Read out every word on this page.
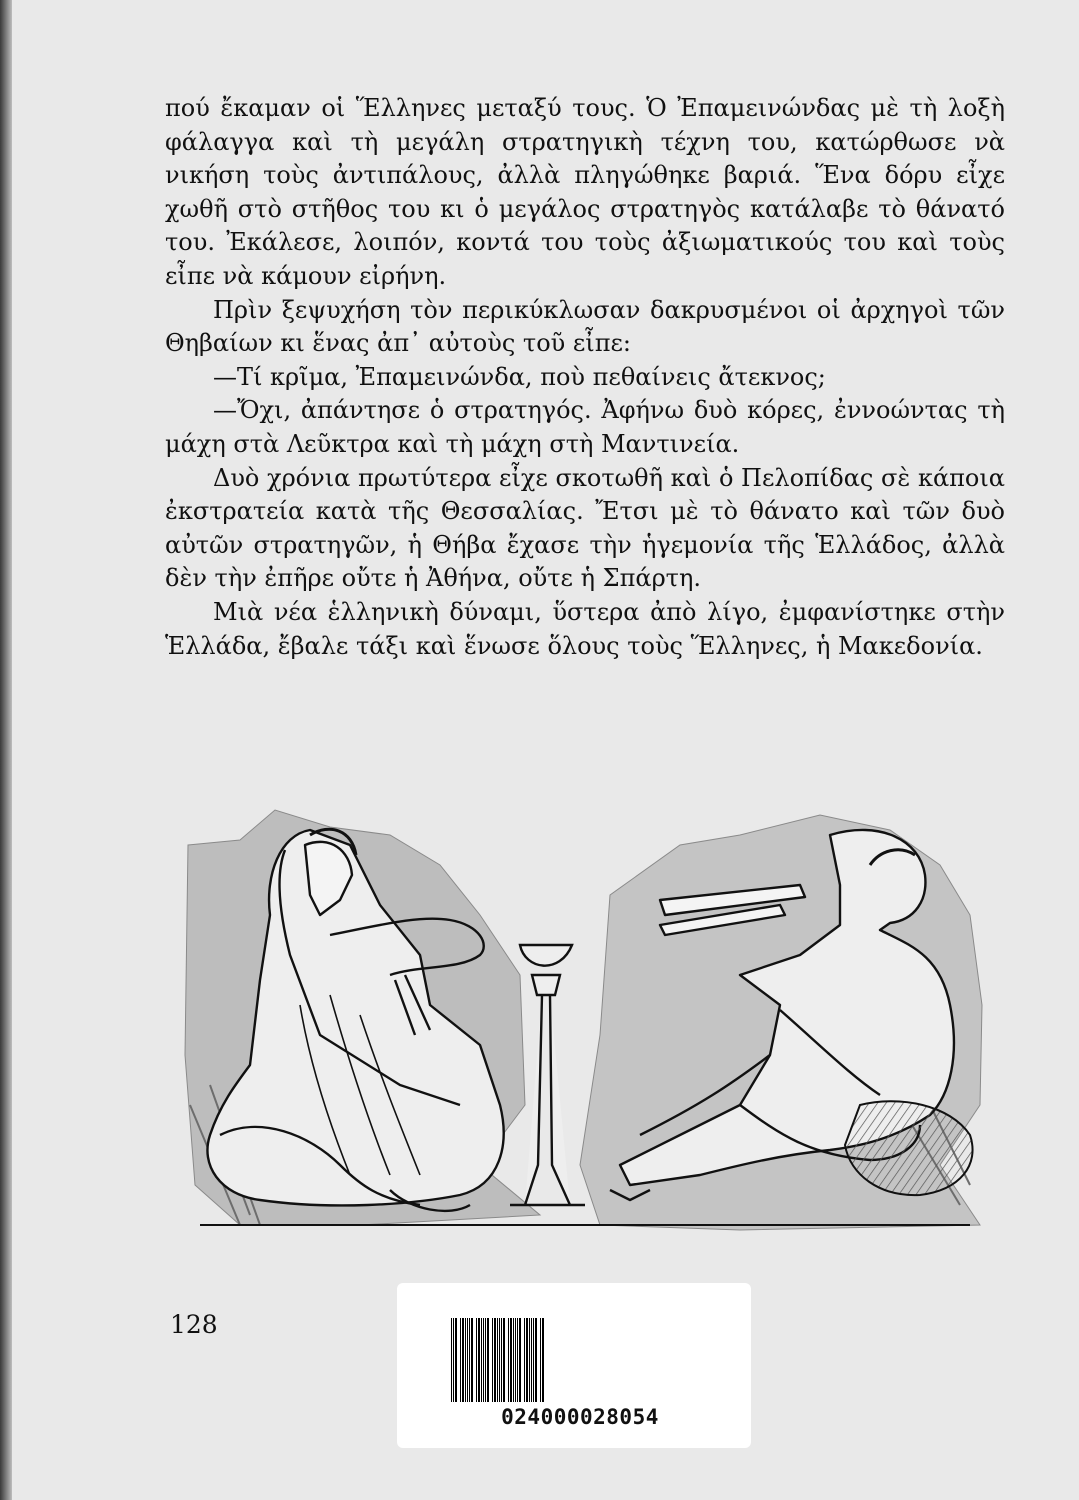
πού ἔκαμαν οἱ Ἕλληνες μεταξύ τους. Ὁ Ἐπαμεινώνδας μὲ τὴ λοξὴ φάλαγγα καὶ τὴ μεγάλη στρατηγικὴ τέχνη του, κατώρθωσε νὰ νικήση τοὺς ἀντιπάλους, ἀλλὰ πληγώθηκε βαριά. Ἕνα δόρυ εἶχε χωθῆ στὸ στῆθος του κι ὁ μεγάλος στρατηγὸς κατάλαβε τὸ θάνατό του. Ἐκάλεσε, λοιπόν, κοντά του τοὺς ἀξιωματικούς του καὶ τοὺς εἶπε νὰ κάμουν εἰρήνη.

Πρὶν ξεψυχήση τὸν περικύκλωσαν δακρυσμένοι οἱ ἀρχηγοὶ τῶν Θηβαίων κι ἕνας ἀπ᾽ αὐτοὺς τοῦ εἶπε:

—Τί κρῖμα, Ἐπαμεινώνδα, ποὺ πεθαίνεις ἄτεκνος;

—Ὄχι, ἀπάντησε ὁ στρατηγός. Ἀφήνω δυὸ κόρες, ἐννοώντας τὴ μάχη στὰ Λεῦκτρα καὶ τὴ μάχη στὴ Μαντινεία.

Δυὸ χρόνια πρωτύτερα εἶχε σκοτωθῆ καὶ ὁ Πελοπίδας σὲ κάποια ἐκστρατεία κατὰ τῆς Θεσσαλίας. Ἔτσι μὲ τὸ θάνατο καὶ τῶν δυὸ αὐτῶν στρατηγῶν, ἡ Θήβα ἔχασε τὴν ἡγεμονία τῆς Ἑλλάδος, ἀλλὰ δὲν τὴν ἐπῆρε οὔτε ἡ Ἀθήνα, οὔτε ἡ Σπάρτη.

Μιὰ νέα ἑλληνικὴ δύναμι, ὕστερα ἀπὸ λίγο, ἐμφανίστηκε στὴν Ἑλλάδα, ἔβαλε τάξι καὶ ἕνωσε ὅλους τοὺς Ἕλληνες, ἡ Μακεδονία.

128
024000028054
